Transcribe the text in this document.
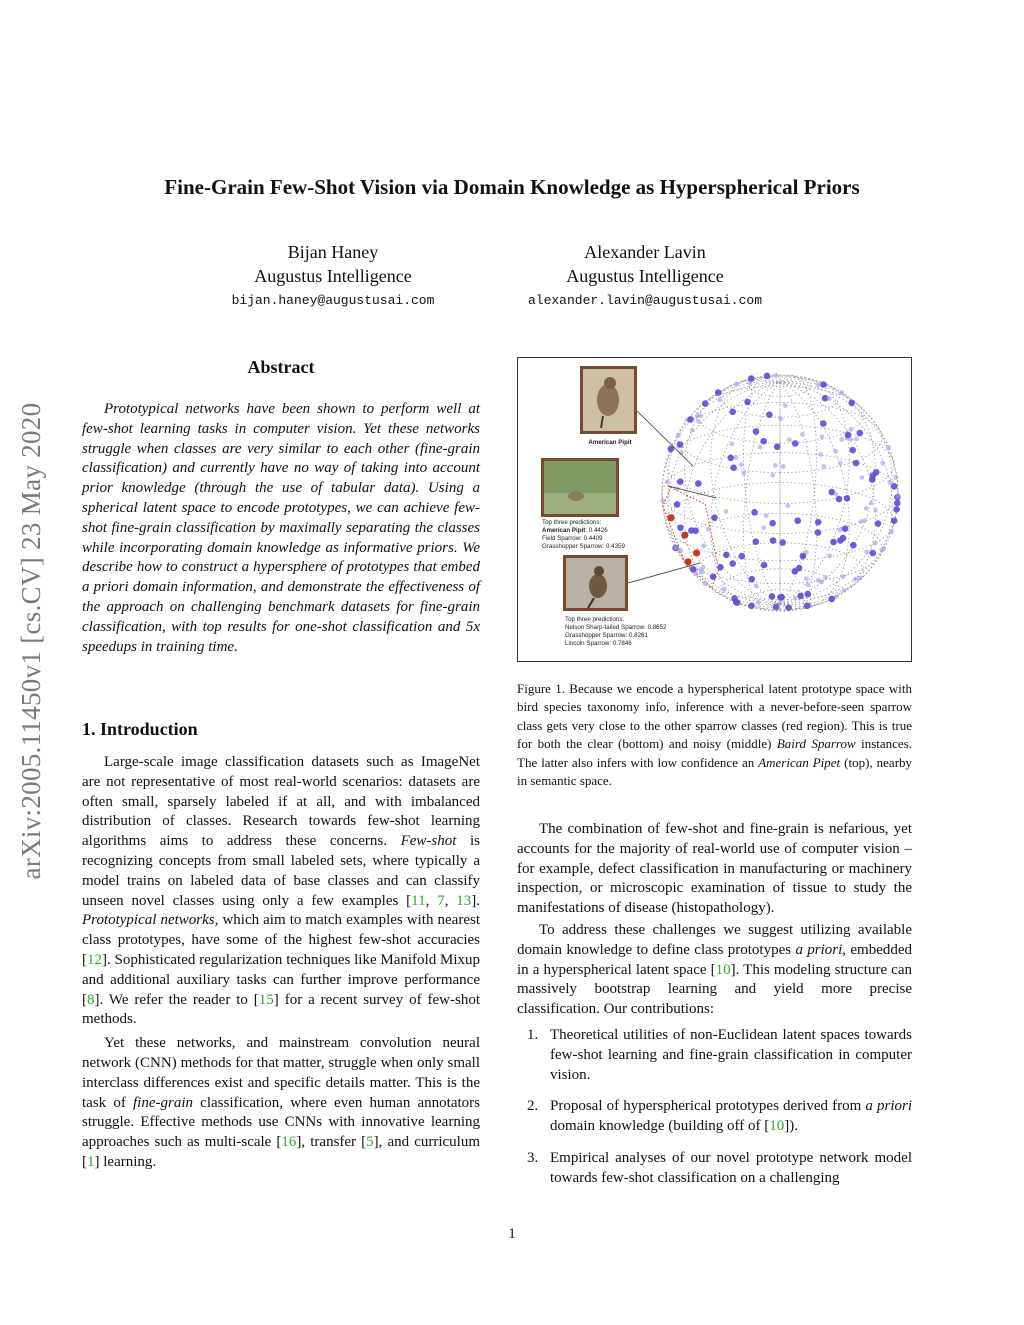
arXiv:2005.11450v1 [cs.CV] 23 May 2020
Fine-Grain Few-Shot Vision via Domain Knowledge as Hyperspherical Priors
Bijan Haney
Augustus Intelligence
bijan.haney@augustusai.com
Alexander Lavin
Augustus Intelligence
alexander.lavin@augustusai.com
Abstract

Prototypical networks have been shown to perform well at few-shot learning tasks in computer vision. Yet these networks struggle when classes are very similar to each other (fine-grain classification) and currently have no way of taking into account prior knowledge (through the use of tabular data). Using a spherical latent space to encode prototypes, we can achieve few-shot fine-grain classification by maximally separating the classes while incorporating domain knowledge as informative priors. We describe how to construct a hypersphere of prototypes that embed a priori domain information, and demonstrate the effectiveness of the approach on challenging benchmark datasets for fine-grain classification, with top results for one-shot classification and 5x speedups in training time.

1. Introduction

Large-scale image classification datasets such as ImageNet are not representative of most real-world scenarios: datasets are often small, sparsely labeled if at all, and with imbalanced distribution of classes. Research towards few-shot learning algorithms aims to address these concerns. Few-shot is recognizing concepts from small labeled sets, where typically a model trains on labeled data of base classes and can classify unseen novel classes using only a few examples [11, 7, 13]. Prototypical networks, which aim to match examples with nearest class prototypes, have some of the highest few-shot accuracies [12]. Sophisticated regularization techniques like Manifold Mixup and additional auxiliary tasks can further improve performance [8]. We refer the reader to [15] for a recent survey of few-shot methods.

Yet these networks, and mainstream convolution neural network (CNN) methods for that matter, struggle when only small interclass differences exist and specific details matter. This is the task of fine-grain classification, where even human annotators struggle. Effective methods use CNNs with innovative learning approaches such as multi-scale [16], transfer [5], and curriculum [1] learning.

American Pipit
Top three predictions:
American Pipit: 0.4426
Field Sparrow: 0.4409
Grasshopper Sparrow: 0.4359
Top three predictions:
Nelson Sharp-tailed Sparrow: 0.8652
Grasshopper Sparrow: 0.8261
Lincoln Sparrow: 0.7846
Figure 1. Because we encode a hyperspherical latent prototype space with bird species taxonomy info, inference with a never-before-seen sparrow class gets very close to the other sparrow classes (red region). This is true for both the clear (bottom) and noisy (middle) Baird Sparrow instances. The latter also infers with low confidence an American Pipet (top), nearby in semantic space.

The combination of few-shot and fine-grain is nefarious, yet accounts for the majority of real-world use of computer vision – for example, defect classification in manufacturing or machinery inspection, or microscopic examination of tissue to study the manifestations of disease (histopathology).

To address these challenges we suggest utilizing available domain knowledge to define class prototypes a priori, embedded in a hyperspherical latent space [10]. This modeling structure can massively bootstrap learning and yield more precise classification. Our contributions:

1. Theoretical utilities of non-Euclidean latent spaces towards few-shot learning and fine-grain classification in computer vision.
2. Proposal of hyperspherical prototypes derived from a priori domain knowledge (building off of [10]).
3. Empirical analyses of our novel prototype network model towards few-shot classification on a challenging
1
